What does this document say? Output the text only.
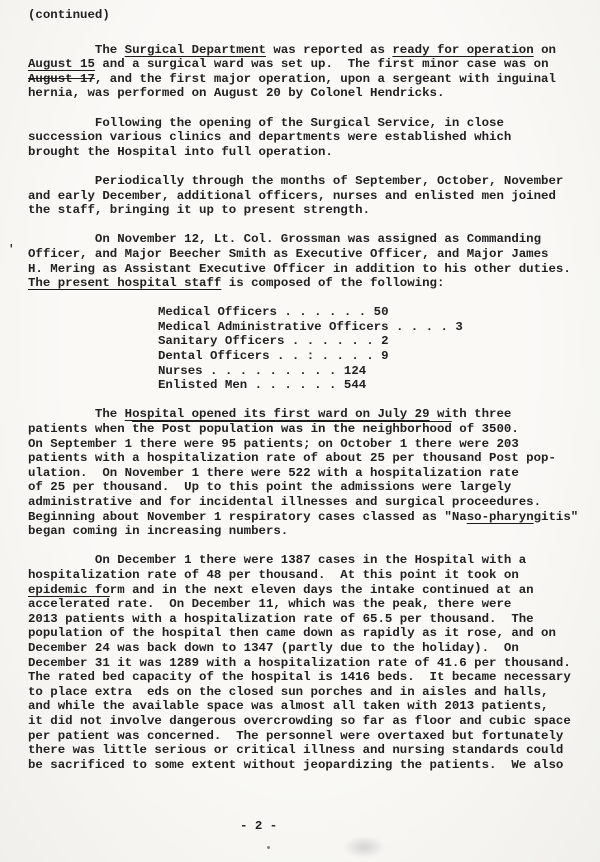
(continued)

The Surgical Department was reported as ready for operation on
August 15 and a surgical ward was set up.  The first minor case was on
August 17, and the first major operation, upon a sergeant with inguinal
hernia, was performed on August 20 by Colonel Hendricks.

Following the opening of the Surgical Service, in close
succession various clinics and departments were established which
brought the Hospital into full operation.

Periodically through the months of September, October, November
and early December, additional officers, nurses and enlisted men joined
the staff, bringing it up to present strength.

On November 12, Lt. Col. Grossman was assigned as Commanding
Officer, and Major Beecher Smith as Executive Officer, and Major James
H. Mering as Assistant Executive Officer in addition to his other duties.
The present hospital staff is composed of the following:

Medical Officers . . . . . . 50
Medical Administrative Officers . . . . 3
Sanitary Officers . . . . . . 2
Dental Officers . . : . . . . 9
Nurses . . . . . . . . . 124
Enlisted Men . . . . . . 544

The Hospital opened its first ward on July 29 with three
patients when the Post population was in the neighborhood of 3500.
On September 1 there were 95 patients; on October 1 there were 203
patients with a hospitalization rate of about 25 per thousand Post pop-
ulation.  On November 1 there were 522 with a hospitalization rate
of 25 per thousand.  Up to this point the admissions were largely
administrative and for incidental illnesses and surgical proceedures.
Beginning about November 1 respiratory cases classed as "Naso-pharyngitis"
began coming in increasing numbers.

On December 1 there were 1387 cases in the Hospital with a
hospitalization rate of 48 per thousand.  At this point it took on
epidemic form and in the next eleven days the intake continued at an
accelerated rate.  On December 11, which was the peak, there were
2013 patients with a hospitalization rate of 65.5 per thousand.  The
population of the hospital then came down as rapidly as it rose, and on
December 24 was back down to 1347 (partly due to the holiday).  On
December 31 it was 1289 with a hospitalization rate of 41.6 per thousand.
The rated bed capacity of the hospital is 1416 beds.  It became necessary
to place extra  eds on the closed sun porches and in aisles and halls,
and while the available space was almost all taken with 2013 patients,
it did not involve dangerous overcrowding so far as floor and cubic space
per patient was concerned.  The personnel were overtaxed but fortunately
there was little serious or critical illness and nursing standards could
be sacrificed to some extent without jeopardizing the patients.  We also

- 2 -
'
